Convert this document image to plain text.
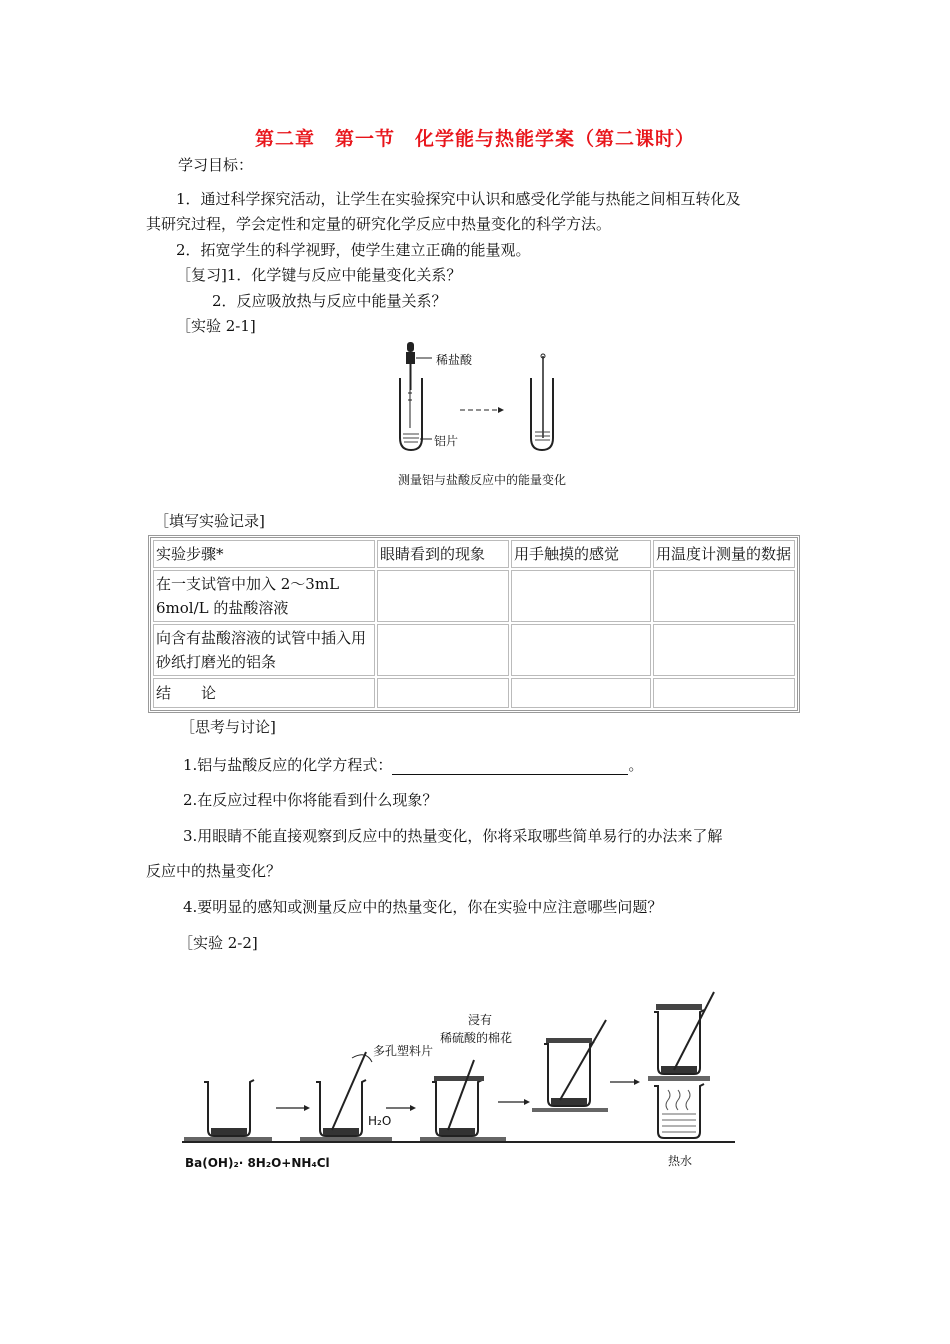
第二章　第一节　化学能与热能学案（第二课时）
学习目标：
1．通过科学探究活动，让学生在实验探究中认识和感受化学能与热能之间相互转化及
其研究过程，学会定性和定量的研究化学反应中热量变化的科学方法。
2．拓宽学生的科学视野，使学生建立正确的能量观。
［复习]1．化学键与反应中能量变化关系？
2．反应吸放热与反应中能量关系？
［实验 2-1]
稀盐酸
铝片
测量铝与盐酸反应中的能量变化
［填写实验记录]
实验步骤*	眼睛看到的现象	用手触摸的感觉	用温度计测量的数据
在一支试管中加入 2～3mL 6mol/L 的盐酸溶液			
向含有盐酸溶液的试管中插入用砂纸打磨光的铝条			
结　　论			
［思考与讨论]
1.铝与盐酸反应的化学方程式：	。
2.在反应过程中你将能看到什么现象？
3.用眼睛不能直接观察到反应中的热量变化，你将采取哪些简单易行的办法来了解
反应中的热量变化？
4.要明显的感知或测量反应中的热量变化，你在实验中应注意哪些问题？
［实验 2-2]
浸有
稀硫酸的棉花
多孔塑料片
H₂O
Ba(OH)₂· 8H₂O+NH₄Cl	热水
